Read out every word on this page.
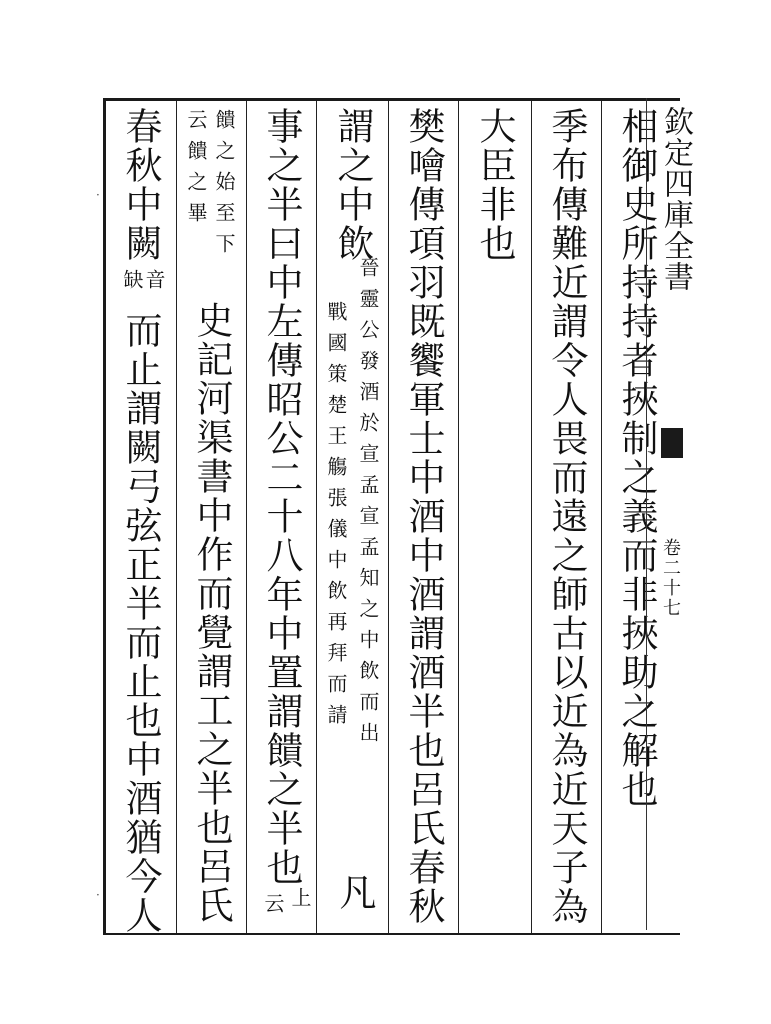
春秋中闕
音
缺
而止謂闕弓弦正半而止也中酒猶今人
饋之始至下
云饋之畢
史記河渠書中作而覺謂工之半也呂氏 事之半曰中左傳昭公二十八年中置謂饋之半也
上
云
謂之中飲
晉靈公發酒於宣孟宣孟知之中飲而出
戰國策楚王觴張儀中飲再拜而請
凡 樊噲傳項羽既饗軍士中酒中酒謂酒半也呂氏春秋 大臣非也 季布傳難近謂令人畏而遠之師古以近為近天子為 相御史所持持者挾制之義而非挾助之解也 欽定四庫全書
卷二十七
·
·
